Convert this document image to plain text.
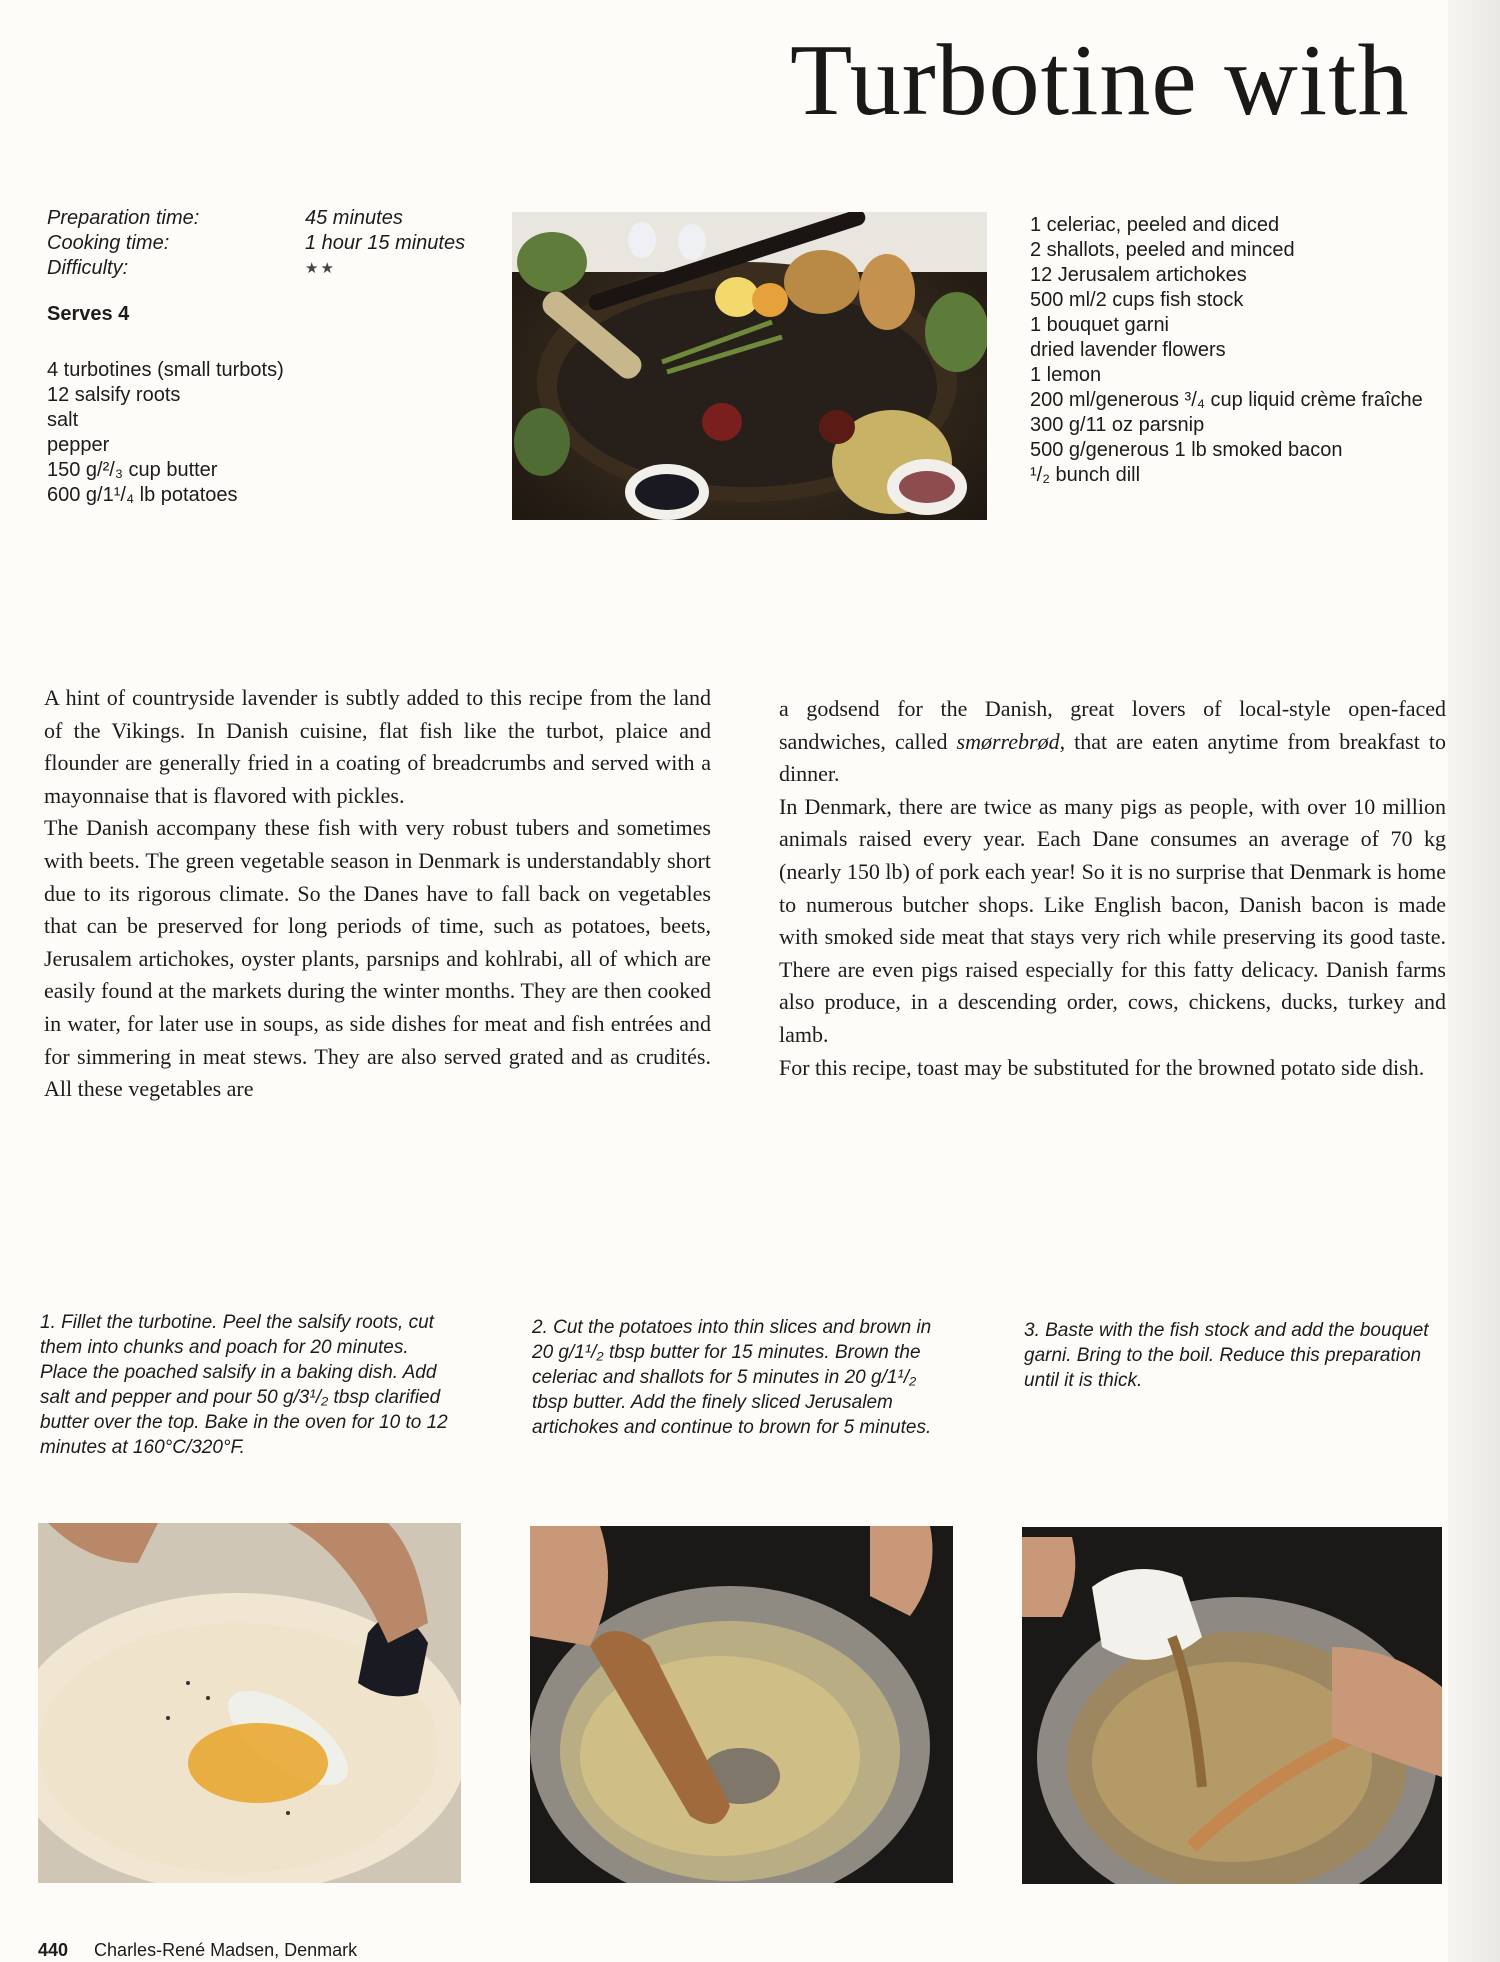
Turbotine with
Preparation time:	45 minutes
Cooking time:	1 hour 15 minutes
Difficulty:	★★
Serves 4
4 turbotines (small turbots)
12 salsify roots
salt
pepper
150 g/²/₃ cup butter
600 g/1¹/₄ lb potatoes
1 celeriac, peeled and diced
2 shallots, peeled and minced
12 Jerusalem artichokes
500 ml/2 cups fish stock
1 bouquet garni
dried lavender flowers
1 lemon
200 ml/generous ³/₄ cup liquid crème fraîche
300 g/11 oz parsnip
500 g/generous 1 lb smoked bacon
¹/₂ bunch dill

A hint of countryside lavender is subtly added to this recipe from the land of the Vikings. In Danish cuisine, flat fish like the turbot, plaice and flounder are generally fried in a coating of breadcrumbs and served with a mayonnaise that is flavored with pickles.

The Danish accompany these fish with very robust tubers and sometimes with beets. The green vegetable season in Denmark is understandably short due to its rigorous climate. So the Danes have to fall back on vegetables that can be preserved for long periods of time, such as potatoes, beets, Jerusalem artichokes, oyster plants, parsnips and kohlrabi, all of which are easily found at the markets during the winter months. They are then cooked in water, for later use in soups, as side dishes for meat and fish entrées and for simmering in meat stews. They are also served grated and as crudités. All these vegetables are

a godsend for the Danish, great lovers of local-style open-faced sandwiches, called smørrebrød, that are eaten anytime from breakfast to dinner.

In Denmark, there are twice as many pigs as people, with over 10 million animals raised every year. Each Dane consumes an average of 70 kg (nearly 150 lb) of pork each year! So it is no surprise that Denmark is home to numerous butcher shops. Like English bacon, Danish bacon is made with smoked side meat that stays very rich while preserving its good taste. There are even pigs raised especially for this fatty delicacy. Danish farms also produce, in a descending order, cows, chickens, ducks, turkey and lamb.

For this recipe, toast may be substituted for the browned potato side dish.

1. Fillet the turbotine. Peel the salsify roots, cut them into chunks and poach for 20 minutes. Place the poached salsify in a baking dish. Add salt and pepper and pour 50 g/3¹/₂ tbsp clarified butter over the top. Bake in the oven for 10 to 12 minutes at 160°C/320°F.
2. Cut the potatoes into thin slices and brown in 20 g/1¹/₂ tbsp butter for 15 minutes. Brown the celeriac and shallots for 5 minutes in 20 g/1¹/₂ tbsp butter. Add the finely sliced Jerusalem artichokes and continue to brown for 5 minutes.
3. Baste with the fish stock and add the bouquet garni. Bring to the boil. Reduce this preparation until it is thick.
440 Charles-René Madsen, Denmark
